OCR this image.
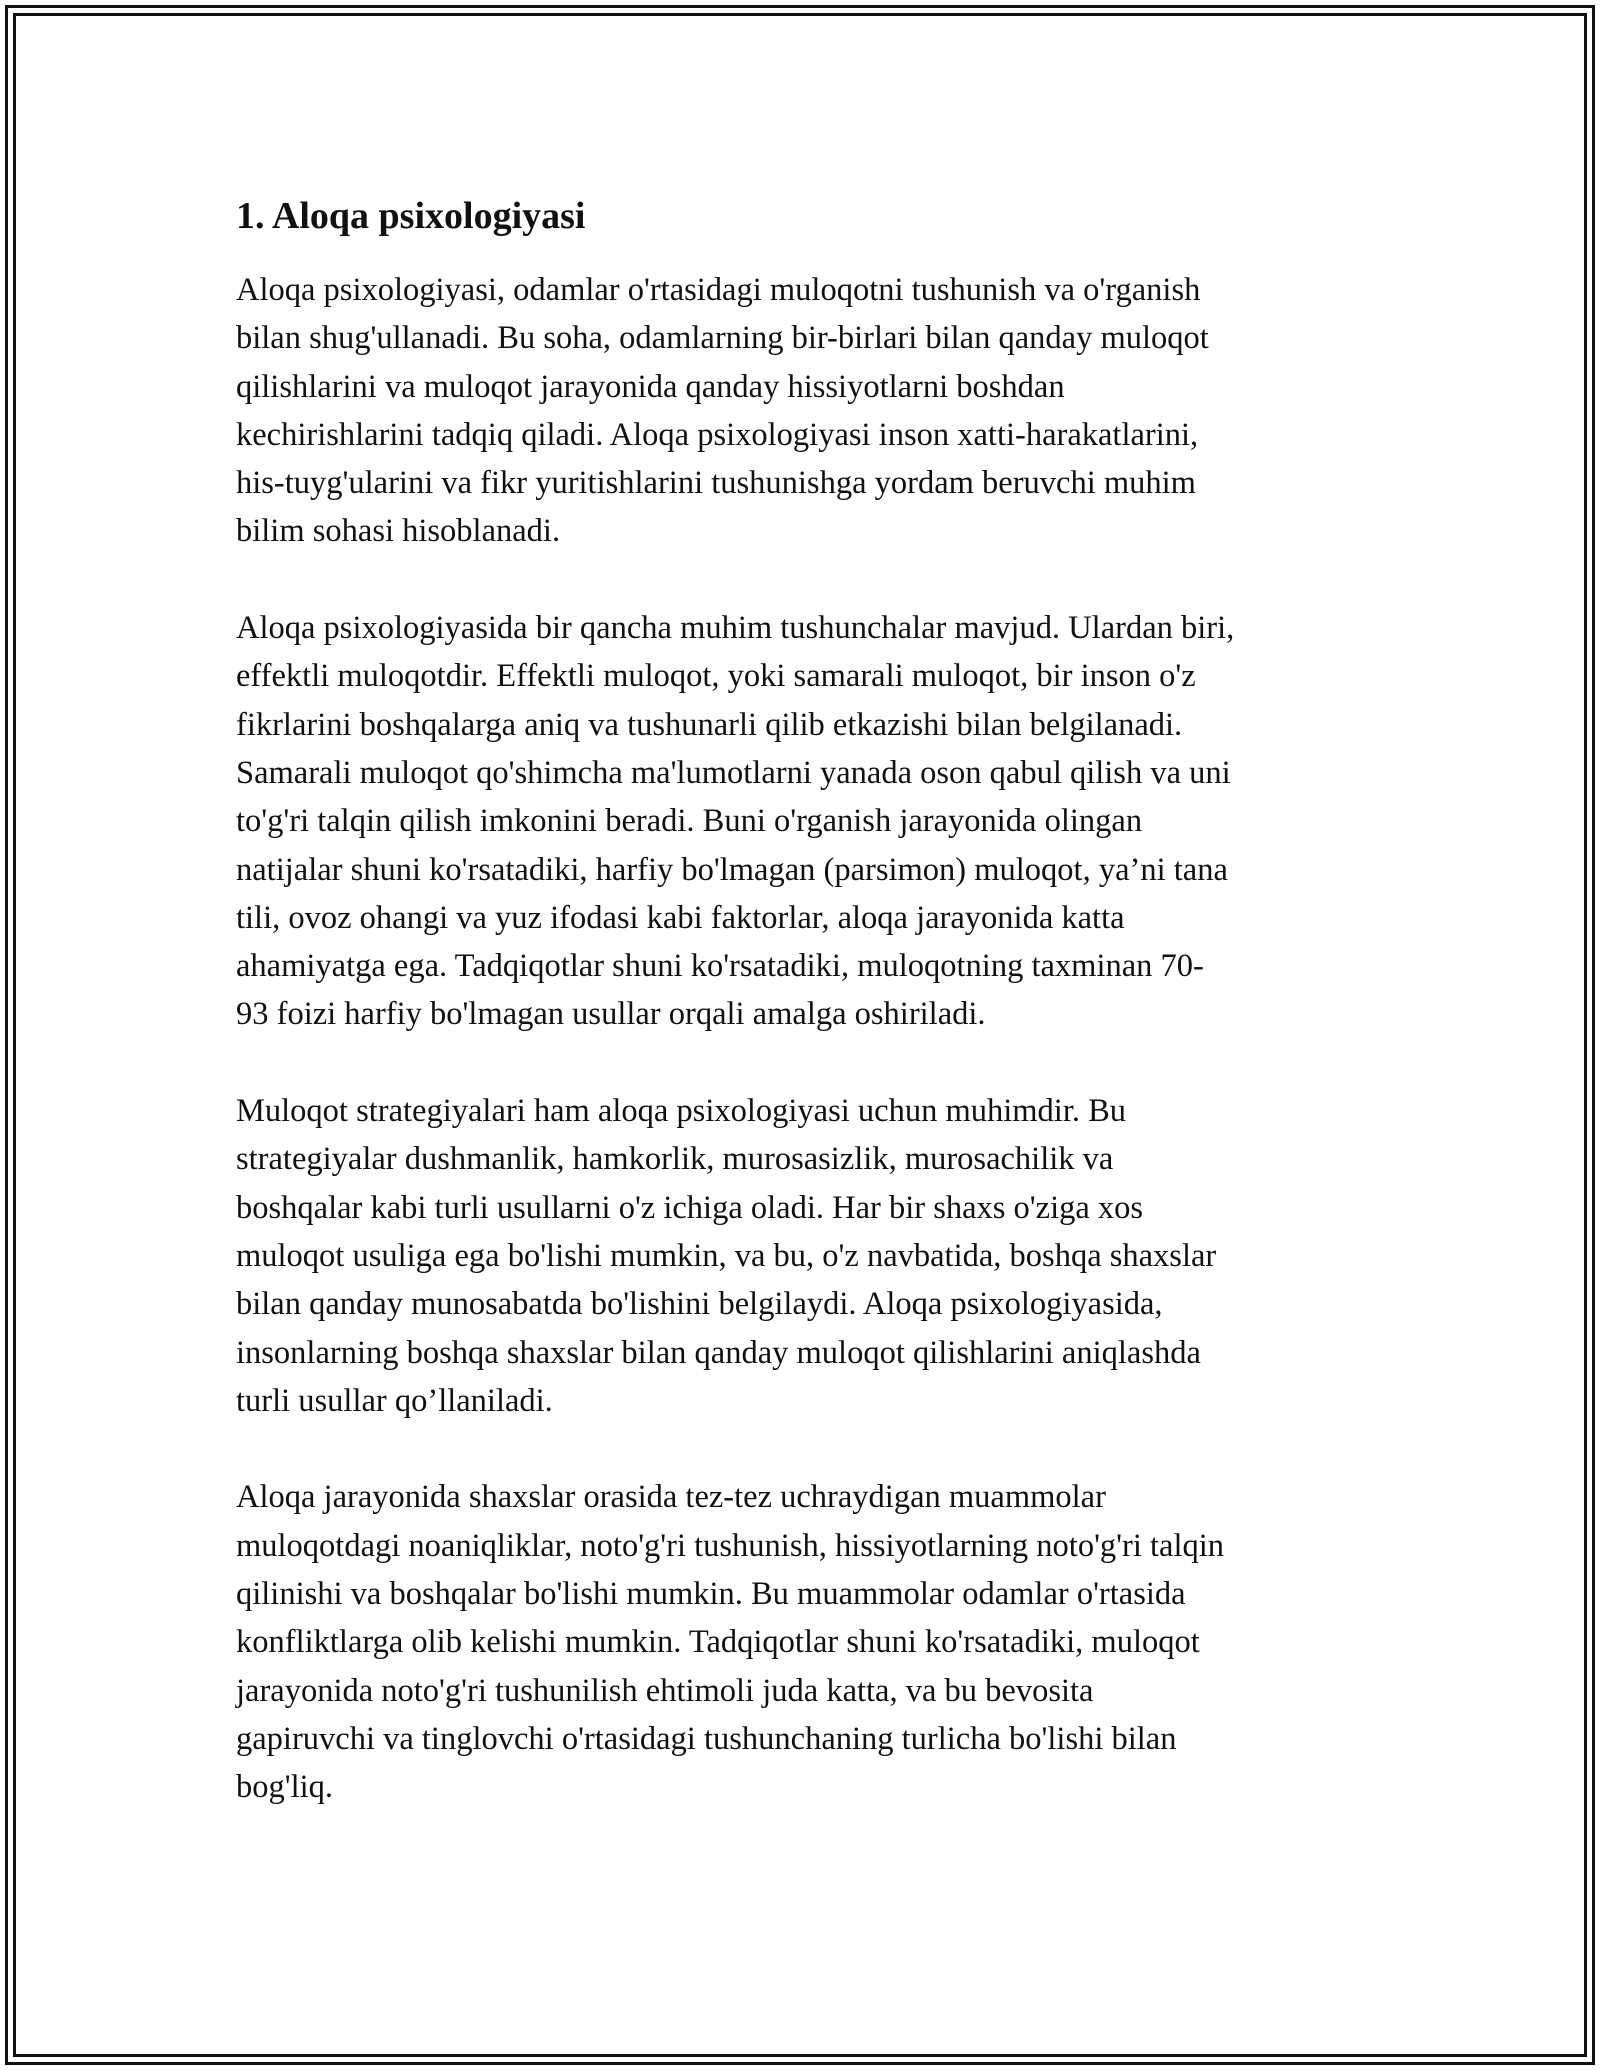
1. Aloqa psixologiyasi
Aloqa psixologiyasi, odamlar o'rtasidagi muloqotni tushunish va o'rganish
bilan shug'ullanadi. Bu soha, odamlarning bir-birlari bilan qanday muloqot
qilishlarini va muloqot jarayonida qanday hissiyotlarni boshdan
kechirishlarini tadqiq qiladi. Aloqa psixologiyasi inson xatti-harakatlarini,
his-tuyg'ularini va fikr yuritishlarini tushunishga yordam beruvchi muhim
bilim sohasi hisoblanadi.
Aloqa psixologiyasida bir qancha muhim tushunchalar mavjud. Ulardan biri,
effektli muloqotdir. Effektli muloqot, yoki samarali muloqot, bir inson o'z
fikrlarini boshqalarga aniq va tushunarli qilib etkazishi bilan belgilanadi.
Samarali muloqot qo'shimcha ma'lumotlarni yanada oson qabul qilish va uni
to'g'ri talqin qilish imkonini beradi. Buni o'rganish jarayonida olingan
natijalar shuni ko'rsatadiki, harfiy bo'lmagan (parsimon) muloqot, ya’ni tana
tili, ovoz ohangi va yuz ifodasi kabi faktorlar, aloqa jarayonida katta
ahamiyatga ega. Tadqiqotlar shuni ko'rsatadiki, muloqotning taxminan 70-
93 foizi harfiy bo'lmagan usullar orqali amalga oshiriladi.
Muloqot strategiyalari ham aloqa psixologiyasi uchun muhimdir. Bu
strategiyalar dushmanlik, hamkorlik, murosasizlik, murosachilik va
boshqalar kabi turli usullarni o'z ichiga oladi. Har bir shaxs o'ziga xos
muloqot usuliga ega bo'lishi mumkin, va bu, o'z navbatida, boshqa shaxslar
bilan qanday munosabatda bo'lishini belgilaydi. Aloqa psixologiyasida,
insonlarning boshqa shaxslar bilan qanday muloqot qilishlarini aniqlashda
turli usullar qo’llaniladi.
Aloqa jarayonida shaxslar orasida tez-tez uchraydigan muammolar
muloqotdagi noaniqliklar, noto'g'ri tushunish, hissiyotlarning noto'g'ri talqin
qilinishi va boshqalar bo'lishi mumkin. Bu muammolar odamlar o'rtasida
konfliktlarga olib kelishi mumkin. Tadqiqotlar shuni ko'rsatadiki, muloqot
jarayonida noto'g'ri tushunilish ehtimoli juda katta, va bu bevosita
gapiruvchi va tinglovchi o'rtasidagi tushunchaning turlicha bo'lishi bilan
bog'liq.
